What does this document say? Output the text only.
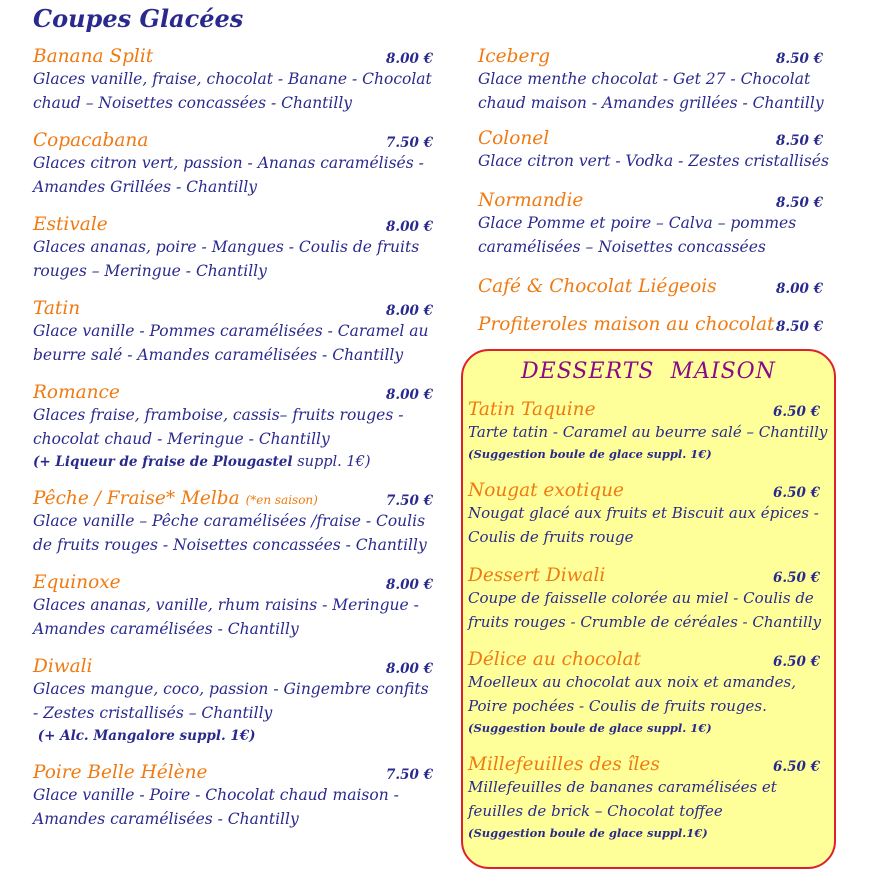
Coupes Glacées
Banana Split	8.00 €
Glaces vanille, fraise, chocolat - Banane - Chocolat chaud – Noisettes concassées - Chantilly
Copacabana	7.50 €
Glaces citron vert, passion - Ananas caramélisés - Amandes Grillées - Chantilly
Estivale	8.00 €
Glaces ananas, poire - Mangues - Coulis de fruits rouges – Meringue - Chantilly
Tatin	8.00 €
Glace vanille - Pommes caramélisées - Caramel au beurre salé - Amandes caramélisées - Chantilly
Romance	8.00 €
Glaces fraise, framboise, cassis– fruits rouges - chocolat chaud - Meringue - Chantilly
(+ Liqueur de fraise de Plougastel suppl. 1€)
Pêche / Fraise* Melba (*en saison)	7.50 €
Glace vanille – Pêche caramélisées /fraise - Coulis de fruits rouges - Noisettes concassées - Chantilly
Equinoxe	8.00 €
Glaces ananas, vanille, rhum raisins - Meringue - Amandes caramélisées - Chantilly
Diwali	8.00 €
Glaces mangue, coco, passion - Gingembre confits - Zestes cristallisés – Chantilly
(+ Alc. Mangalore suppl. 1€)
Poire Belle Hélène	7.50 €
Glace vanille - Poire - Chocolat chaud maison - Amandes caramélisées - Chantilly
Iceberg	8.50 €
Glace menthe chocolat - Get 27 - Chocolat chaud maison - Amandes grillées - Chantilly
Colonel	8.50 €
Glace citron vert - Vodka - Zestes cristallisés
Normandie	8.50 €
Glace Pomme et poire – Calva – pommes caramélisées – Noisettes concassées
Café & Chocolat Liégeois	8.00 €
Profiteroles maison au chocolat 8.50 €
DESSERTS  MAISON
Tatin Taquine	6.50 €
Tarte tatin - Caramel au beurre salé – Chantilly
(Suggestion boule de glace suppl. 1€)
Nougat exotique	6.50 €
Nougat glacé aux fruits et Biscuit aux épices - Coulis de fruits rouge
Dessert Diwali	6.50 €
Coupe de faisselle colorée au miel - Coulis de fruits rouges - Crumble de céréales - Chantilly
Délice au chocolat	6.50 €
Moelleux au chocolat aux noix et amandes, Poire pochées - Coulis de fruits rouges.
(Suggestion boule de glace suppl. 1€)
Millefeuilles des îles	6.50 €
Millefeuilles de bananes caramélisées et feuilles de brick – Chocolat toffee
(Suggestion boule de glace suppl.1€)
